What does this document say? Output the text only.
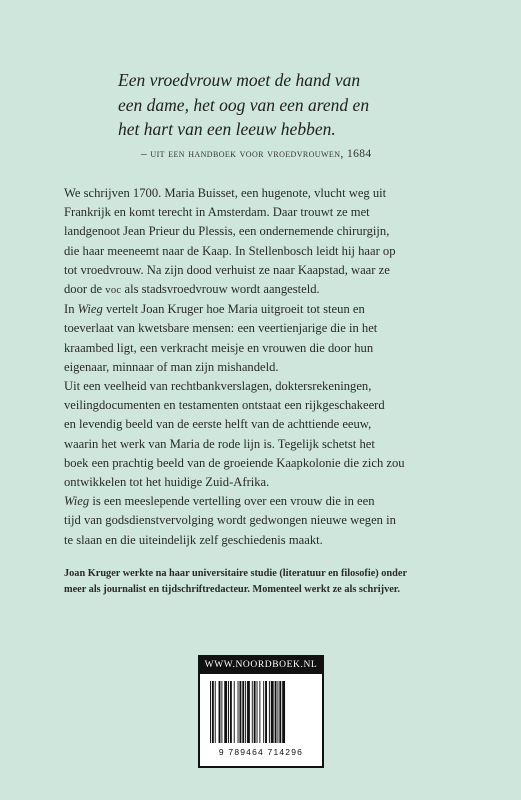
Een vroedvrouw moet de hand van
een dame, het oog van een arend en
het hart van een leeuw hebben.
– uit een handboek voor vroedvrouwen, 1684
We schrijven 1700. Maria Buisset, een hugenote, vlucht weg uit
Frankrijk en komt terecht in Amsterdam. Daar trouwt ze met
landgenoot Jean Prieur du Plessis, een ondernemende chirurgijn,
die haar meeneemt naar de Kaap. In Stellenbosch leidt hij haar op
tot vroedvrouw. Na zijn dood verhuist ze naar Kaapstad, waar ze
door de voc als stadsvroedvrouw wordt aangesteld.
In Wieg vertelt Joan Kruger hoe Maria uitgroeit tot steun en
toeverlaat van kwetsbare mensen: een veertienjarige die in het
kraambed ligt, een verkracht meisje en vrouwen die door hun
eigenaar, minnaar of man zijn mishandeld.
Uit een veelheid van rechtbankverslagen, doktersrekeningen,
veilingdocumenten en testamenten ontstaat een rijkgeschakeerd
en levendig beeld van de eerste helft van de achttiende eeuw,
waarin het werk van Maria de rode lijn is. Tegelijk schetst het
boek een prachtig beeld van de groeiende Kaapkolonie die zich zou
ontwikkelen tot het huidige Zuid-Afrika.
Wieg is een meeslepende vertelling over een vrouw die in een
tijd van godsdienstvervolging wordt gedwongen nieuwe wegen in
te slaan en die uiteindelijk zelf geschiedenis maakt.
Joan Kruger werkte na haar universitaire studie (literatuur en filosofie) onder
meer als journalist en tijdschriftredacteur. Momenteel werkt ze als schrijver.
WWW.NOORDBOEK.NL
9 789464 714296
